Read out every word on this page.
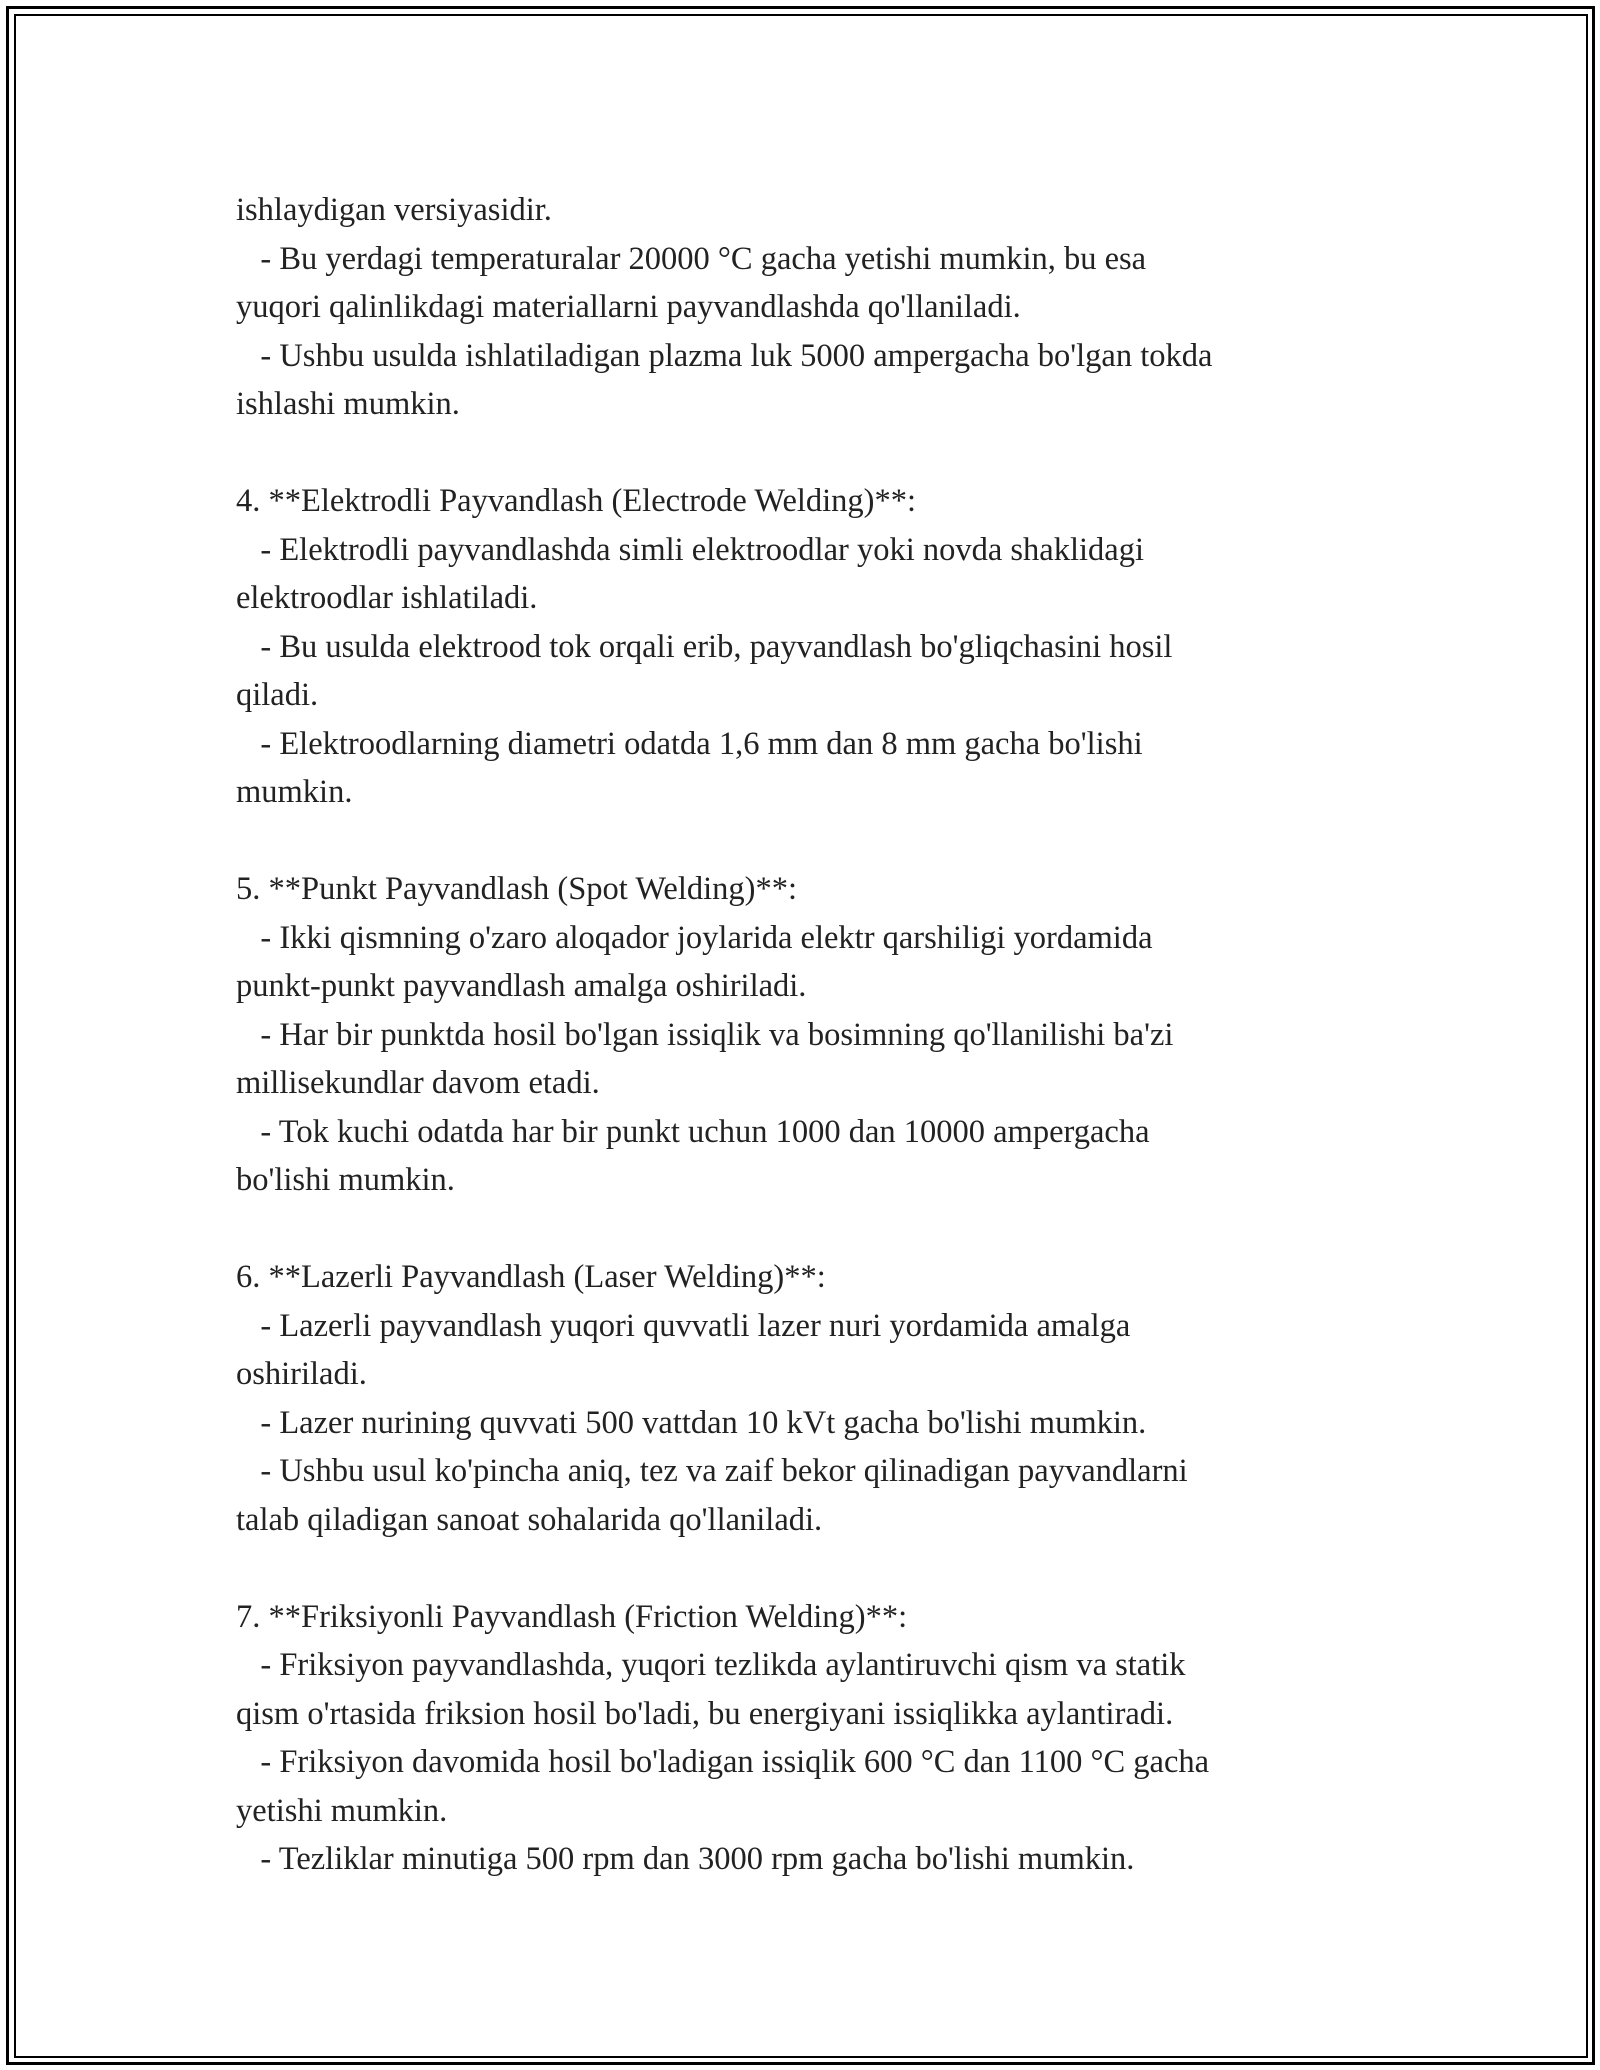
ishlaydigan versiyasidir.
- Bu yerdagi temperaturalar 20000 °C gacha yetishi mumkin, bu esa
yuqori qalinlikdagi materiallarni payvandlashda qo'llaniladi.
- Ushbu usulda ishlatiladigan plazma luk 5000 ampergacha bo'lgan tokda
ishlashi mumkin.
4. **Elektrodli Payvandlash (Electrode Welding)**:
- Elektrodli payvandlashda simli elektroodlar yoki novda shaklidagi
elektroodlar ishlatiladi.
- Bu usulda elektrood tok orqali erib, payvandlash bo'gliqchasini hosil
qiladi.
- Elektroodlarning diametri odatda 1,6 mm dan 8 mm gacha bo'lishi
mumkin.
5. **Punkt Payvandlash (Spot Welding)**:
- Ikki qismning o'zaro aloqador joylarida elektr qarshiligi yordamida
punkt-punkt payvandlash amalga oshiriladi.
- Har bir punktda hosil bo'lgan issiqlik va bosimning qo'llanilishi ba'zi
millisekundlar davom etadi.
- Tok kuchi odatda har bir punkt uchun 1000 dan 10000 ampergacha
bo'lishi mumkin.
6. **Lazerli Payvandlash (Laser Welding)**:
- Lazerli payvandlash yuqori quvvatli lazer nuri yordamida amalga
oshiriladi.
- Lazer nurining quvvati 500 vattdan 10 kVt gacha bo'lishi mumkin.
- Ushbu usul ko'pincha aniq, tez va zaif bekor qilinadigan payvandlarni
talab qiladigan sanoat sohalarida qo'llaniladi.
7. **Friksiyonli Payvandlash (Friction Welding)**:
- Friksiyon payvandlashda, yuqori tezlikda aylantiruvchi qism va statik
qism o'rtasida friksion hosil bo'ladi, bu energiyani issiqlikka aylantiradi.
- Friksiyon davomida hosil bo'ladigan issiqlik 600 °C dan 1100 °C gacha
yetishi mumkin.
- Tezliklar minutiga 500 rpm dan 3000 rpm gacha bo'lishi mumkin.
